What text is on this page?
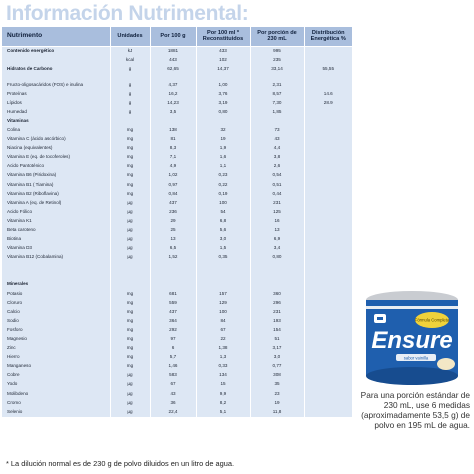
Información Nutrimental:
Nutrimento	Unidades	Por 100 g	Por 100 ml * Reconstituidos	Por porción de 230 mL	Distribución Energética %
Contenido energético	kJ	1881	433	995	
	kcal	443	102	235	
Hidratos de Carbono	g	62,65	14,37	33,14	55,55

Fructo-oligosacáridos (FOS) e inulina	g	4,37	1,00	2,31	
Proteínas	g	16,2	3,76	8,57	14.6
Lípidos	g	14,23	3,19	7,30	28.9
Humedad	g	3,5	0,80	1,85	
Vitaminas					
Colina	mg	138	32	73	
Vitamina C (ácido ascórbico)	mg	81	19	43	
Niacina (equivalentes)	mg	8,3	1,9	4,4	
Vitamina E (eq. de tocoferoles)	mg	7,1	1,6	3,8	
Acido Pantoténico	mg	4,9	1,1	2,6	
Vitamina B6 (Piridoxina)	mg	1,02	0,23	0,54	
Vitamina B1 ( Tiamina)	mg	0,97	0,22	0,51	
Vitamina B2 (Riboflavina)	mg	0,84	0,19	0,44	
Vitamina A (eq. de Retinol)	µg	437	100	231	
Acido Fólico	µg	236	54	125	
Vitamina K1	µg	29	6,8	16	
Beta caroteno	µg	25	5,6	13	
Biotina	µg	13	3,0	6,9	
Vitamina D3	µg	6,5	1,5	3,4	
Vitamina B12 (Cobalamina)	µg	1,52	0,35	0,80	

Minerales					
Potasio	mg	681	157	360	
Cloruro	mg	559	129	296	
Calcio	mg	437	100	231	
Sodio	mg	364	84	193	
Fosforo	mg	292	67	154	
Magnesio	mg	97	22	51	
Zinc	mg	6	1,38	3,17	
Hierro	mg	5,7	1,3	3,0	
Manganeso	mg	1,46	0,33	0,77	
Cobre	µg	583	134	308	
Yodo	µg	67	15	35	
Molibdeno	µg	43	9,9	23	
Cromo	µg	36	8,2	19	
Selenio	µg	22,4	5,1	11,8	
Fórmula Completa
Ensure
sabor vainilla
Para una porción estándar de 230 mL, use 6 medidas (aproximadamente 53,5 g) de polvo en 195 mL de agua.
* La dilución normal es de 230 g de polvo diluidos en un litro de agua.
